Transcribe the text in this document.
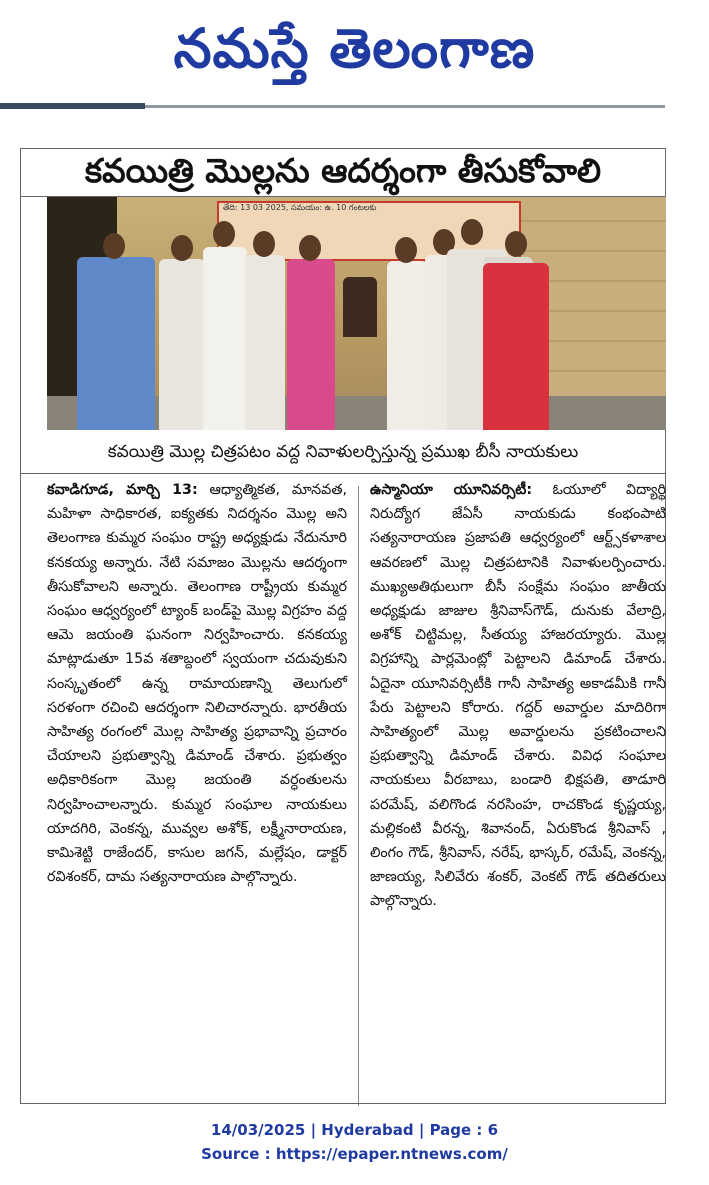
నమస్తే తెలంగాణ
కవయిత్రి మొల్లను ఆదర్శంగా తీసుకోవాలి
తేది: 13 03 2025, సమయం: ఉ. 10 గంటలకు
కవయిత్రి మొల్ల చిత్రపటం వద్ద నివాళులర్పిస్తున్న ప్రముఖ బీసీ నాయకులు

కవాడిగూడ, మార్చి 13: ఆధ్యాత్మికత, మానవత, మహిళా సాధికారత, ఐక్యతకు నిదర్శనం మొల్ల అని తెలంగాణ కుమ్మర సంఘం రాష్ట్ర అధ్యక్షుడు నేదునూరి కనకయ్య అన్నారు. నేటి సమాజం మొల్లను ఆదర్శంగా తీసుకోవాలని అన్నారు. తెలంగాణ రాష్ట్రీయ కుమ్మర సంఘం ఆధ్వర్యంలో ట్యాంక్ బండ్‌పై మొల్ల విగ్రహం వద్ద ఆమె జయంతి ఘనంగా నిర్వహించారు. కనకయ్య మాట్లాడుతూ 15వ శతాబ్దంలో స్వయంగా చదువుకుని సంస్కృతంలో ఉన్న రామాయణాన్ని తెలుగులో సరళంగా రచించి ఆదర్శంగా నిలిచారన్నారు. భారతీయ సాహిత్య రంగంలో మొల్ల సాహిత్య ప్రభావాన్ని ప్రచారం చేయాలని ప్రభుత్వాన్ని డిమాండ్ చేశారు. ప్రభుత్వం అధికారికంగా మొల్ల జయంతి వర్ధంతులను నిర్వహించాలన్నారు. కుమ్మర సంఘాల నాయకులు యాదగిరి, వెంకన్న, మువ్వల అశోక్, లక్ష్మీనారాయణ, కామిశెట్టి రాజేందర్, కాసుల జగన్, మల్లేషం, డాక్టర్ రవిశంకర్, దామ సత్యనారాయణ పాల్గొన్నారు.

ఉస్మానియా యూనివర్సిటీ: ఓయూలో విద్యార్థి నిరుద్యోగ జేఏసీ నాయకుడు కంభంపాటి సత్యనారాయణ ప్రజాపతి ఆధ్వర్యంలో ఆర్ట్స్‌కళాశాల ఆవరణలో మొల్ల చిత్రపటానికి నివాళులర్పించారు. ముఖ్యఅతిథులుగా బీసీ సంక్షేమ సంఘం జాతీయ అధ్యక్షుడు జాజుల శ్రీనివాస్‌గౌడ్, దునుకు వేలాద్రి, అశోక్ చిట్టిమల్ల, సీతయ్య హాజరయ్యారు. మొల్ల విగ్రహాన్ని పార్లమెంట్లో పెట్టాలని డిమాండ్ చేశారు. ఏదైనా యూనివర్సిటీకి గానీ సాహిత్య అకాడమీకి గానీ పేరు పెట్టాలని కోరారు. గద్దర్ అవార్డుల మాదిరిగా సాహిత్యంలో మొల్ల అవార్డులను ప్రకటించాలని ప్రభుత్వాన్ని డిమాండ్ చేశారు. వివిధ సంఘాల నాయకులు వీరబాబు, బండారి భిక్షపతి, తాడూరి పరమేష్, వలిగొండ నరసింహ, రాచకొండ కృష్ణయ్య, మల్లికంటి వీరన్న, శివానంద్, ఏరుకొండ శ్రీనివాస్ , లింగం గౌడ్, శ్రీనివాస్, నరేష్, భాస్కర్, రమేష్, వెంకన్న, జాణయ్య, సిలివేరు శంకర్, వెంకట్ గౌడ్ తదితరులు పాల్గొన్నారు.

14/03/2025 | Hyderabad | Page : 6
Source : https://epaper.ntnews.com/
